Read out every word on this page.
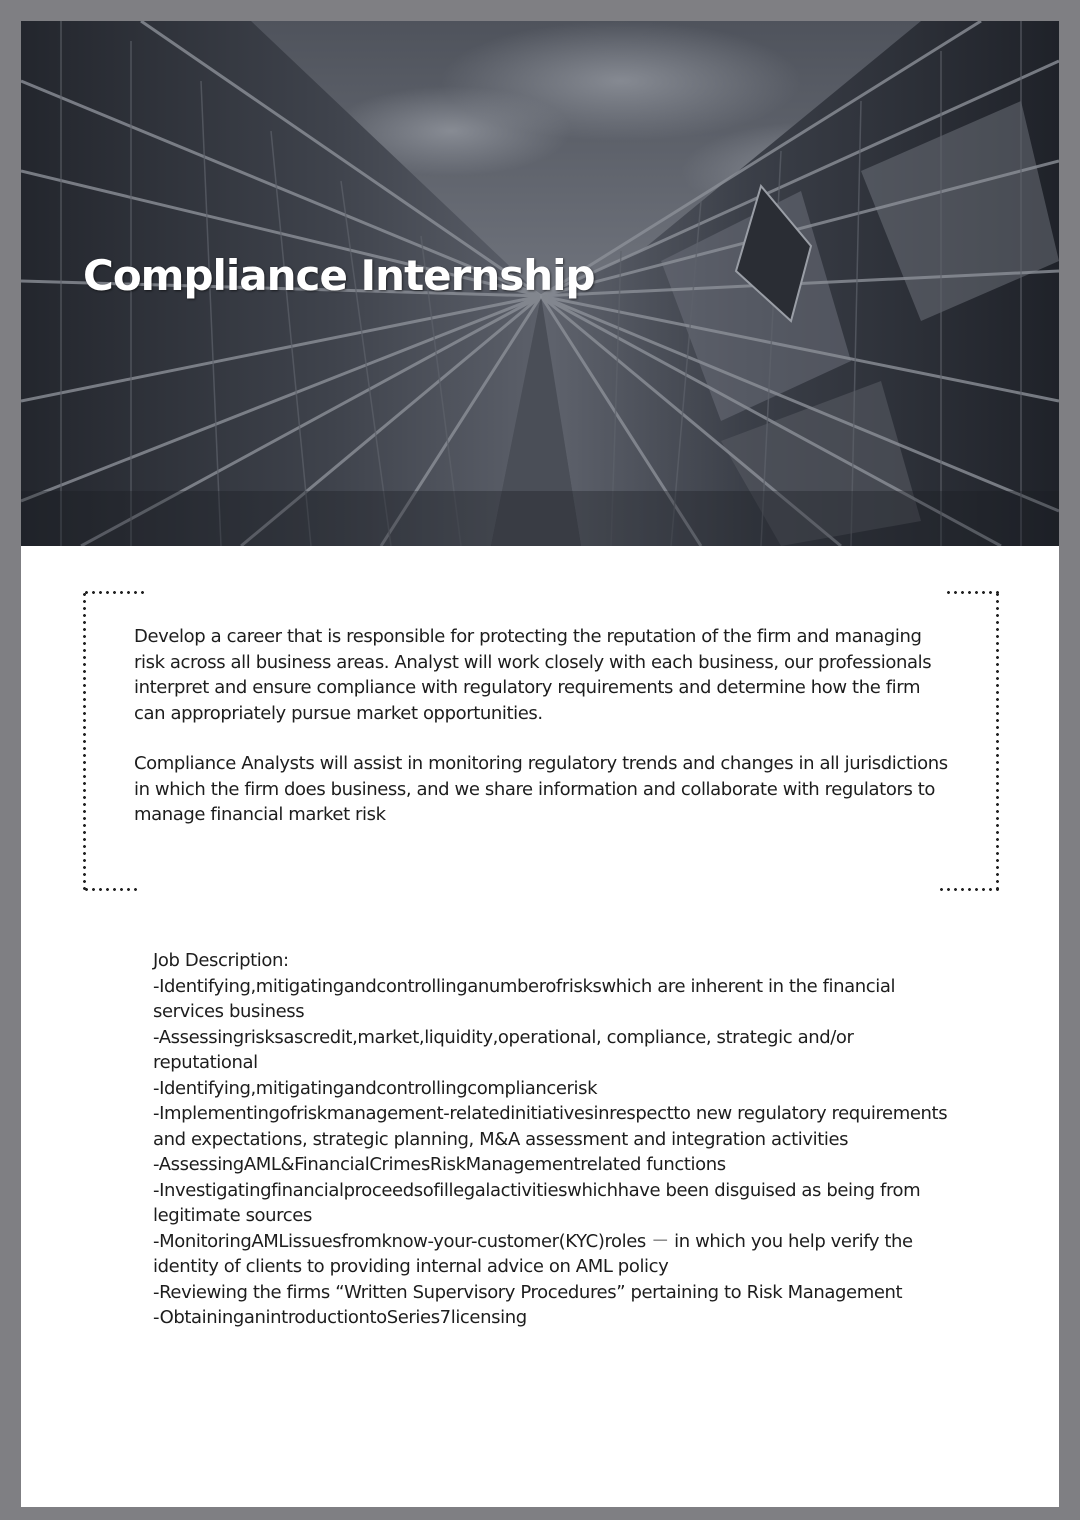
Compliance Internship

Develop a career that is responsible for protecting the reputation of the firm and managing risk across all business areas. Analyst will work closely with each business, our professionals interpret and ensure compliance with regulatory requirements and determine how the firm can appropriately pursue market opportunities.

Compliance Analysts will assist in monitoring regulatory trends and changes in all jurisdictions in which the firm does business, and we share information and collaborate with regulators to manage financial market risk

Job Description:
-Identifying,mitigatingandcontrollinganumberofriskswhich are inherent in the financial services business
-Assessingrisksascredit,market,liquidity,operational, compliance, strategic and/or reputational
-Identifying,mitigatingandcontrollingcompliancerisk
-Implementingofriskmanagement-relatedinitiativesinrespectto new regulatory requirements and expectations, strategic planning, M&A assessment and integration activities
-AssessingAML&FinancialCrimesRiskManagementrelated functions
-Investigatingfinancialproceedsofillegalactivitieswhichhave been disguised as being from legitimate sources
-MonitoringAMLissuesfromknow-your-customer(KYC)roles － in which you help verify the identity of clients to providing internal advice on AML policy
-Reviewing the firms “Written Supervisory Procedures” pertaining to Risk Management
-ObtaininganintroductiontoSeries7licensing
